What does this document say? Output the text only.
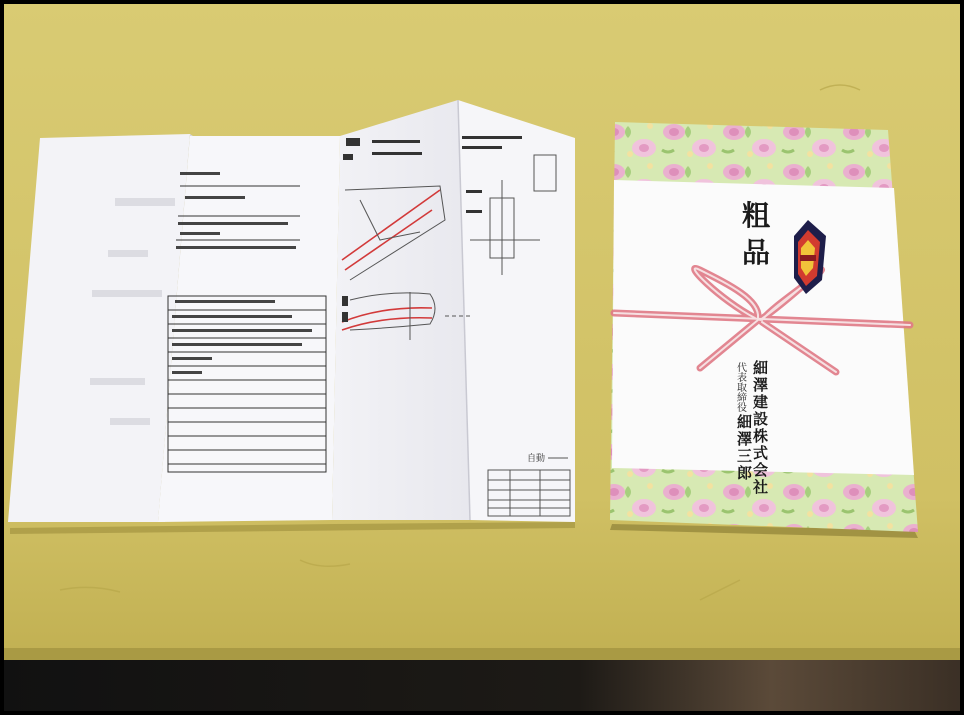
自動
粗
品
細澤建設株式会社
代表取締役
細澤三郎
